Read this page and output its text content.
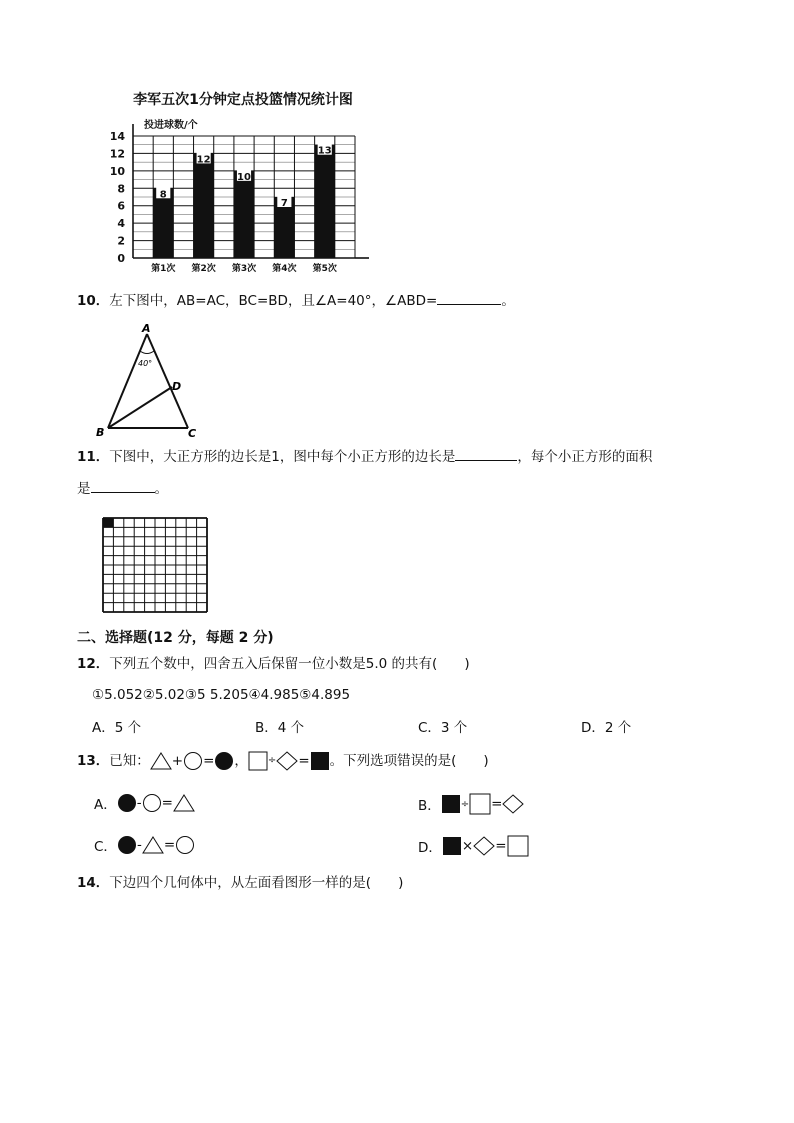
李军五次1分钟定点投篮情况统计图
投进球数/个
8
12
10
7
13
0
2
4
6
8
10
12
14
第1次 第2次 第3次 第4次 第5次
10．左下图中，AB=AC，BC=BD，且∠A=40°，∠ABD=	。
A
40°
D
B	C
11．下图中，大正方形的边长是1，图中每个小正方形的边长是	，每个小正方形的面积
是	。
二、选择题(12 分，每题 2 分)
12．下列五个数中，四舍五入后保留一位小数是5.0 的共有(　　)
①5.052②5.02③5 5.205④4.985⑤4.895
A．5 个	B．4 个	C．3 个	D．2 个
13． 已知： + = ， ÷ = 。下列选项错误的是(　　)
A． - =	B． ÷ =
C． - =	D． × =
14．下边四个几何体中，从左面看图形一样的是(　　)
